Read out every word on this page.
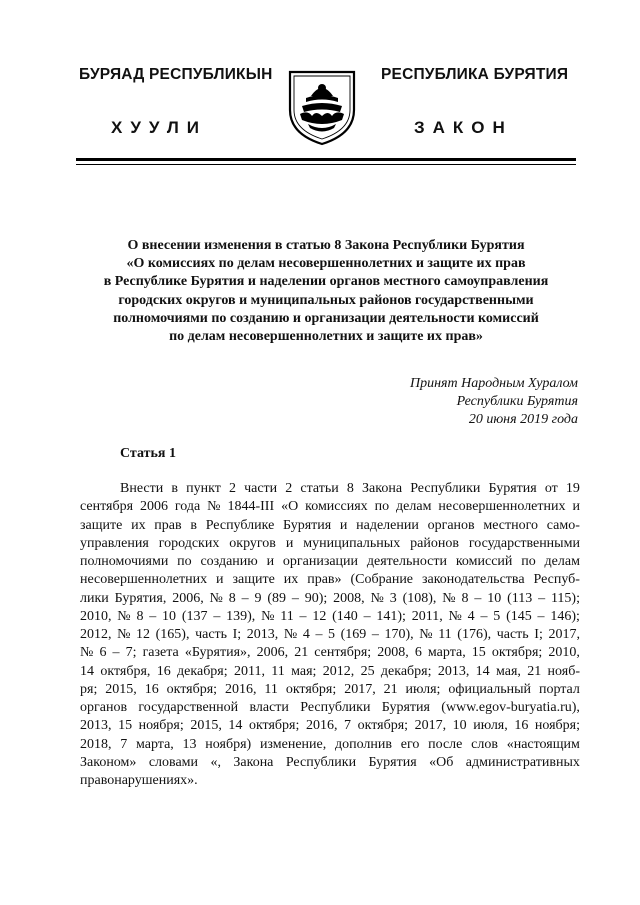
БУРЯАД РЕСПУБЛИКЫН
ХУУЛИ
РЕСПУБЛИКА БУРЯТИЯ
ЗАКОН
О внесении изменения в статью 8 Закона Республики Бурятия
«О комиссиях по делам несовершеннолетних и защите их прав
в Республике Бурятия и наделении органов местного самоуправления
городских округов и муниципальных районов государственными
полномочиями по созданию и организации деятельности комиссий
по делам несовершеннолетних и защите их прав»
Принят Народным Хуралом
Республики Бурятия
20 июня 2019 года
Статья 1
Внести в пункт 2 части 2 статьи 8 Закона Республики Бурятия от 19
сентября 2006 года № 1844-III «О комиссиях по делам несовершеннолетних и
защите их прав в Республике Бурятия и наделении органов местного само-
управления городских округов и муниципальных районов государственными
полномочиями по созданию и организации деятельности комиссий по делам
несовершеннолетних и защите их прав» (Собрание законодательства Респуб-
лики Бурятия, 2006, № 8 – 9 (89 – 90); 2008, № 3 (108), № 8 – 10 (113 – 115);
2010, № 8 – 10 (137 – 139), № 11 – 12 (140 – 141); 2011, № 4 – 5 (145 – 146);
2012, № 12 (165), часть I; 2013, № 4 – 5 (169 – 170), № 11 (176), часть I; 2017,
№ 6 – 7; газета «Бурятия», 2006, 21 сентября; 2008, 6 марта, 15 октября; 2010,
14 октября, 16 декабря; 2011, 11 мая; 2012, 25 декабря; 2013, 14 мая, 21 нояб-
ря; 2015, 16 октября; 2016, 11 октября; 2017, 21 июля; официальный портал
органов государственной власти Республики Бурятия (www.egov-buryatia.ru),
2013, 15 ноября; 2015, 14 октября; 2016, 7 октября; 2017, 10 июля, 16 ноября;
2018, 7 марта, 13 ноября) изменение, дополнив его после слов «настоящим
Законом» словами «, Закона Республики Бурятия «Об административных
правонарушениях».
